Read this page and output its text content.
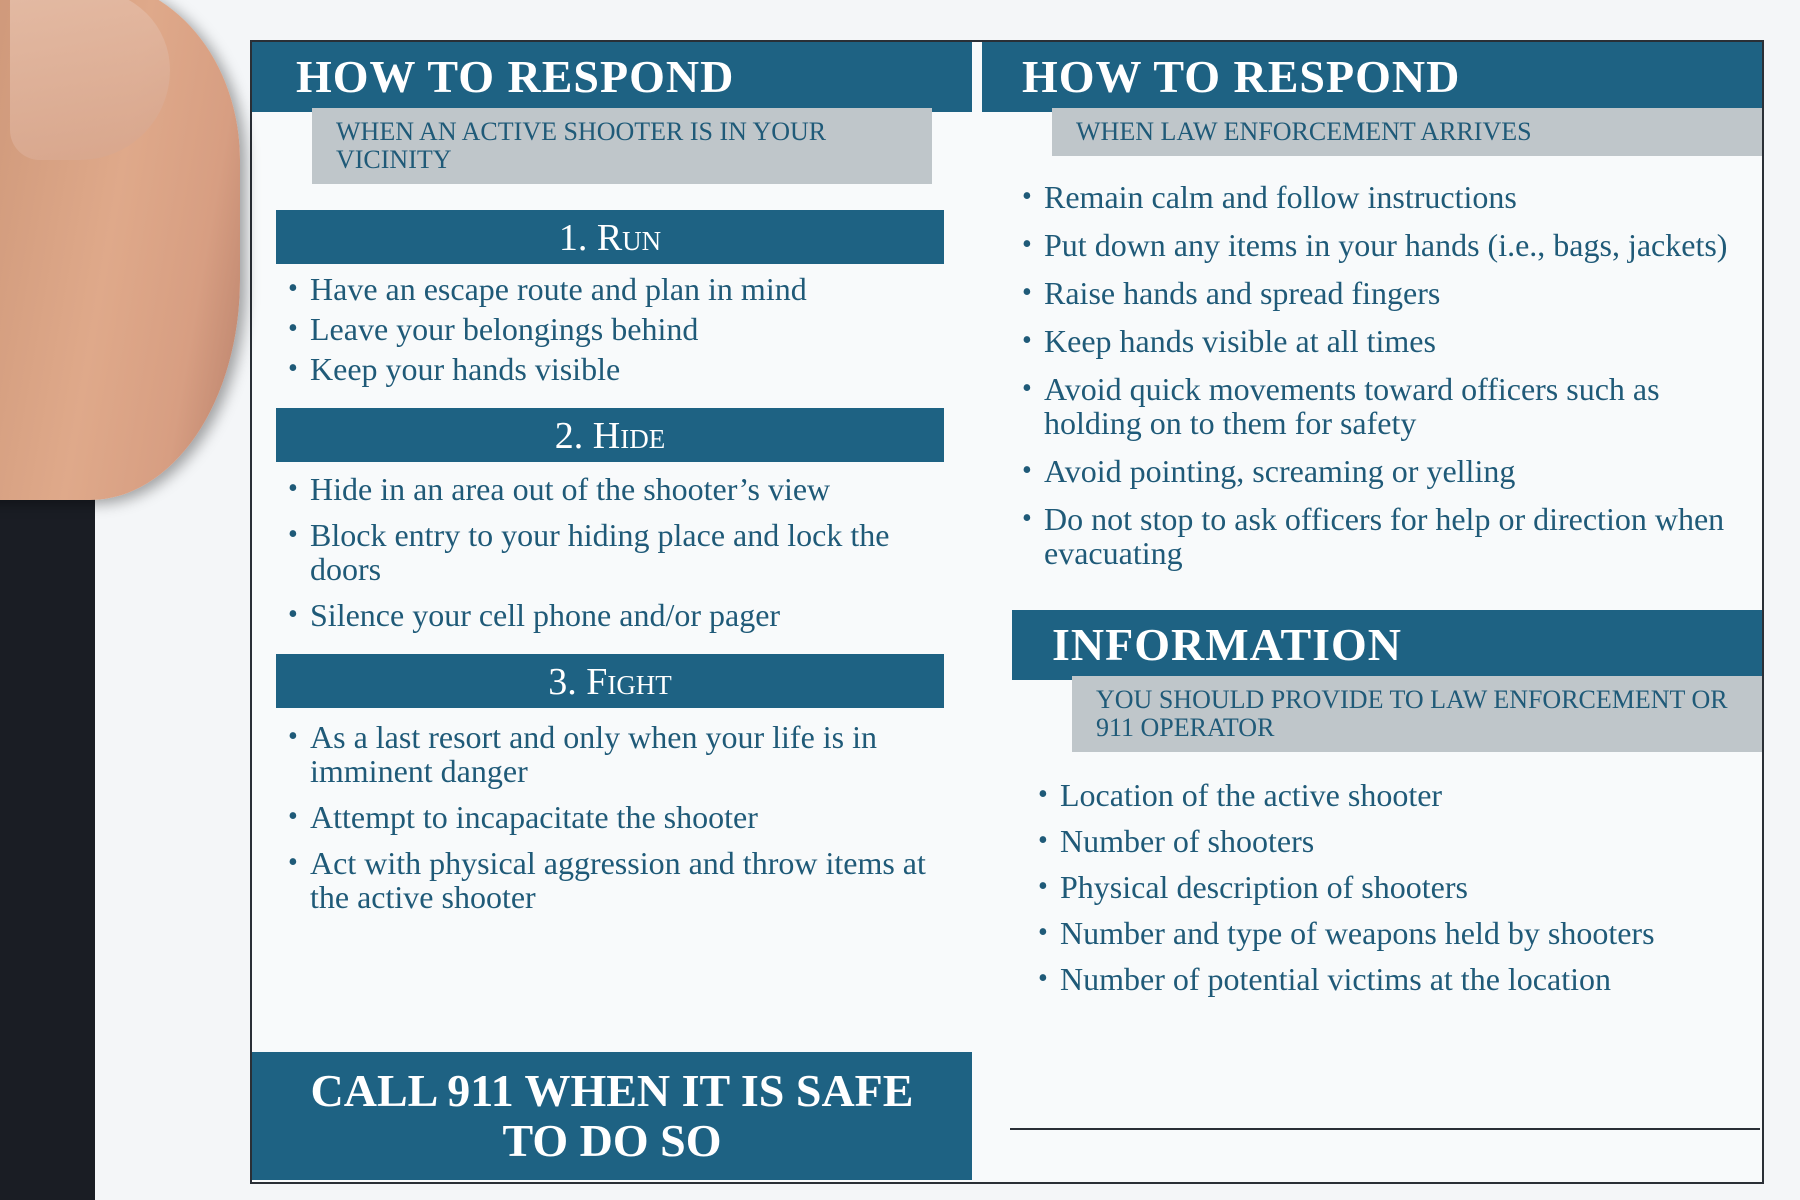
HOW TO RESPOND
WHEN AN ACTIVE SHOOTER IS IN YOUR VICINITY
1. Run
• Have an escape route and plan in mind
• Leave your belongings behind
• Keep your hands visible
2. Hide
• Hide in an area out of the shooter’s view
• Block entry to your hiding place and lock the doors
• Silence your cell phone and/or pager
3. Fight
• As a last resort and only when your life is in imminent danger
• Attempt to incapacitate the shooter
• Act with physical aggression and throw items at the active shooter
CALL 911 WHEN IT IS SAFE TO DO SO
HOW TO RESPOND
WHEN LAW ENFORCEMENT ARRIVES
• Remain calm and follow instructions
• Put down any items in your hands (i.e., bags, jackets)
• Raise hands and spread fingers
• Keep hands visible at all times
• Avoid quick movements toward officers such as holding on to them for safety
• Avoid pointing, screaming or yelling
• Do not stop to ask officers for help or direction when evacuating
INFORMATION
YOU SHOULD PROVIDE TO LAW ENFORCEMENT OR 911 OPERATOR
• Location of the active shooter
• Number of shooters
• Physical description of shooters
• Number and type of weapons held by shooters
• Number of potential victims at the location
